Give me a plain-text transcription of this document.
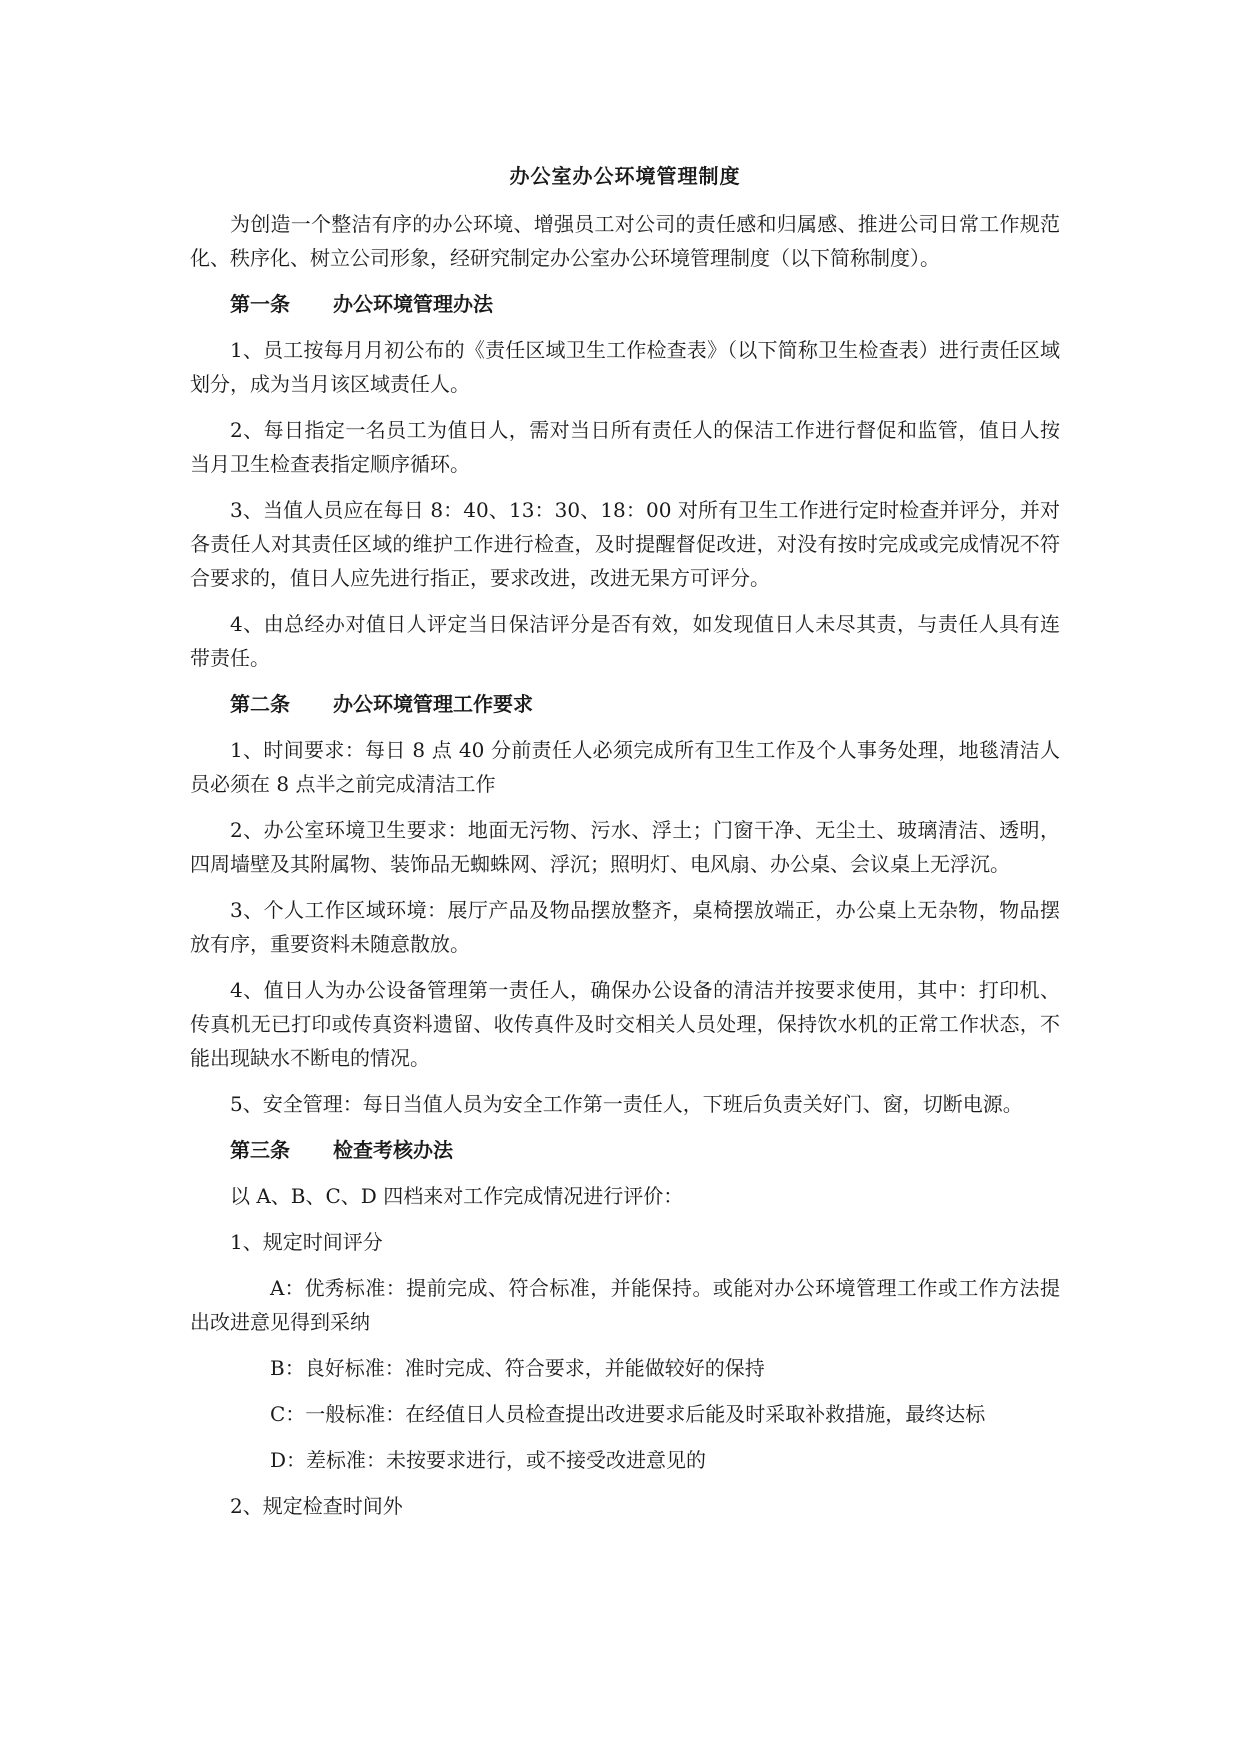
办公室办公环境管理制度

为创造一个整洁有序的办公环境、增强员工对公司的责任感和归属感、推进公司日常工作规范化、秩序化、树立公司形象，经研究制定办公室办公环境管理制度（以下简称制度）。

第一条 办公环境管理办法

1、员工按每月月初公布的《责任区域卫生工作检查表》（以下简称卫生检查表）进行责任区域划分，成为当月该区域责任人。

2、每日指定一名员工为值日人，需对当日所有责任人的保洁工作进行督促和监管，值日人按当月卫生检查表指定顺序循环。

3、当值人员应在每日 8：40、13：30、18：00 对所有卫生工作进行定时检查并评分，并对各责任人对其责任区域的维护工作进行检查，及时提醒督促改进，对没有按时完成或完成情况不符合要求的，值日人应先进行指正，要求改进，改进无果方可评分。

4、由总经办对值日人评定当日保洁评分是否有效，如发现值日人未尽其责，与责任人具有连带责任。

第二条 办公环境管理工作要求

1、时间要求：每日 8 点 40 分前责任人必须完成所有卫生工作及个人事务处理，地毯清洁人员必须在 8 点半之前完成清洁工作

2、办公室环境卫生要求：地面无污物、污水、浮土；门窗干净、无尘土、玻璃清洁、透明，四周墙壁及其附属物、装饰品无蜘蛛网、浮沉；照明灯、电风扇、办公桌、会议桌上无浮沉。

3、个人工作区域环境：展厅产品及物品摆放整齐，桌椅摆放端正，办公桌上无杂物，物品摆放有序，重要资料未随意散放。

4、值日人为办公设备管理第一责任人，确保办公设备的清洁并按要求使用，其中：打印机、传真机无已打印或传真资料遗留、收传真件及时交相关人员处理，保持饮水机的正常工作状态，不能出现缺水不断电的情况。

5、安全管理：每日当值人员为安全工作第一责任人，下班后负责关好门、窗，切断电源。

第三条 检查考核办法

以 A、B、C、D 四档来对工作完成情况进行评价：

1、规定时间评分

A：优秀标准：提前完成、符合标准，并能保持。或能对办公环境管理工作或工作方法提出改进意见得到采纳

B：良好标准：准时完成、符合要求，并能做较好的保持

C：一般标准：在经值日人员检查提出改进要求后能及时采取补救措施，最终达标

D：差标准：未按要求进行，或不接受改进意见的

2、规定检查时间外
